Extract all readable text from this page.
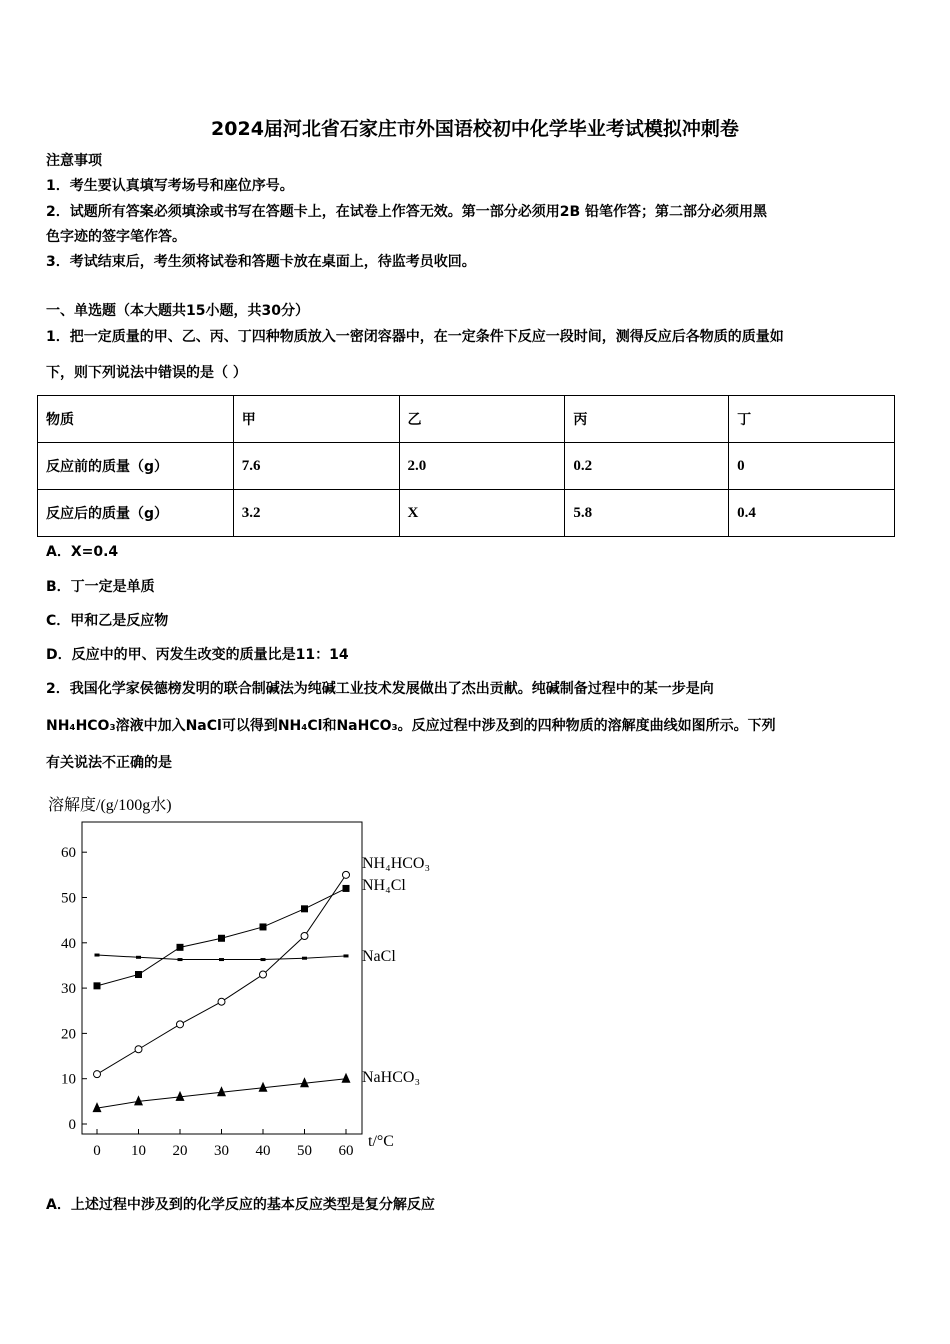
2024届河北省石家庄市外国语校初中化学毕业考试模拟冲刺卷
注意事项
1．考生要认真填写考场号和座位序号。
2．试题所有答案必须填涂或书写在答题卡上，在试卷上作答无效。第一部分必须用2B 铅笔作答；第二部分必须用黑
色字迹的签字笔作答。
3．考试结束后，考生须将试卷和答题卡放在桌面上，待监考员收回。
一、单选题（本大题共15小题，共30分）
1．把一定质量的甲、乙、丙、丁四种物质放入一密闭容器中，在一定条件下反应一段时间，测得反应后各物质的质量如
下，则下列说法中错误的是（ ）
物质	甲	乙	丙	丁
反应前的质量（g）	7.6	2.0	0.2	0
反应后的质量（g）	3.2	X	5.8	0.4
A．X=0.4
B．丁一定是单质
C．甲和乙是反应物
D．反应中的甲、丙发生改变的质量比是11：14
2．我国化学家侯德榜发明的联合制碱法为纯碱工业技术发展做出了杰出贡献。纯碱制备过程中的某一步是向
NH₄HCO₃溶液中加入NaCl可以得到NH₄Cl和NaHCO₃。反应过程中涉及到的四种物质的溶解度曲线如图所示。下列
有关说法不正确的是
溶解度/(g/100g水)
t/°C
0
10
20
30
40
50
60
0 10 20 30 40 50 60
NH₄HCO₃
NH₄Cl
NaCl
NaHCO₃
A．上述过程中涉及到的化学反应的基本反应类型是复分解反应
